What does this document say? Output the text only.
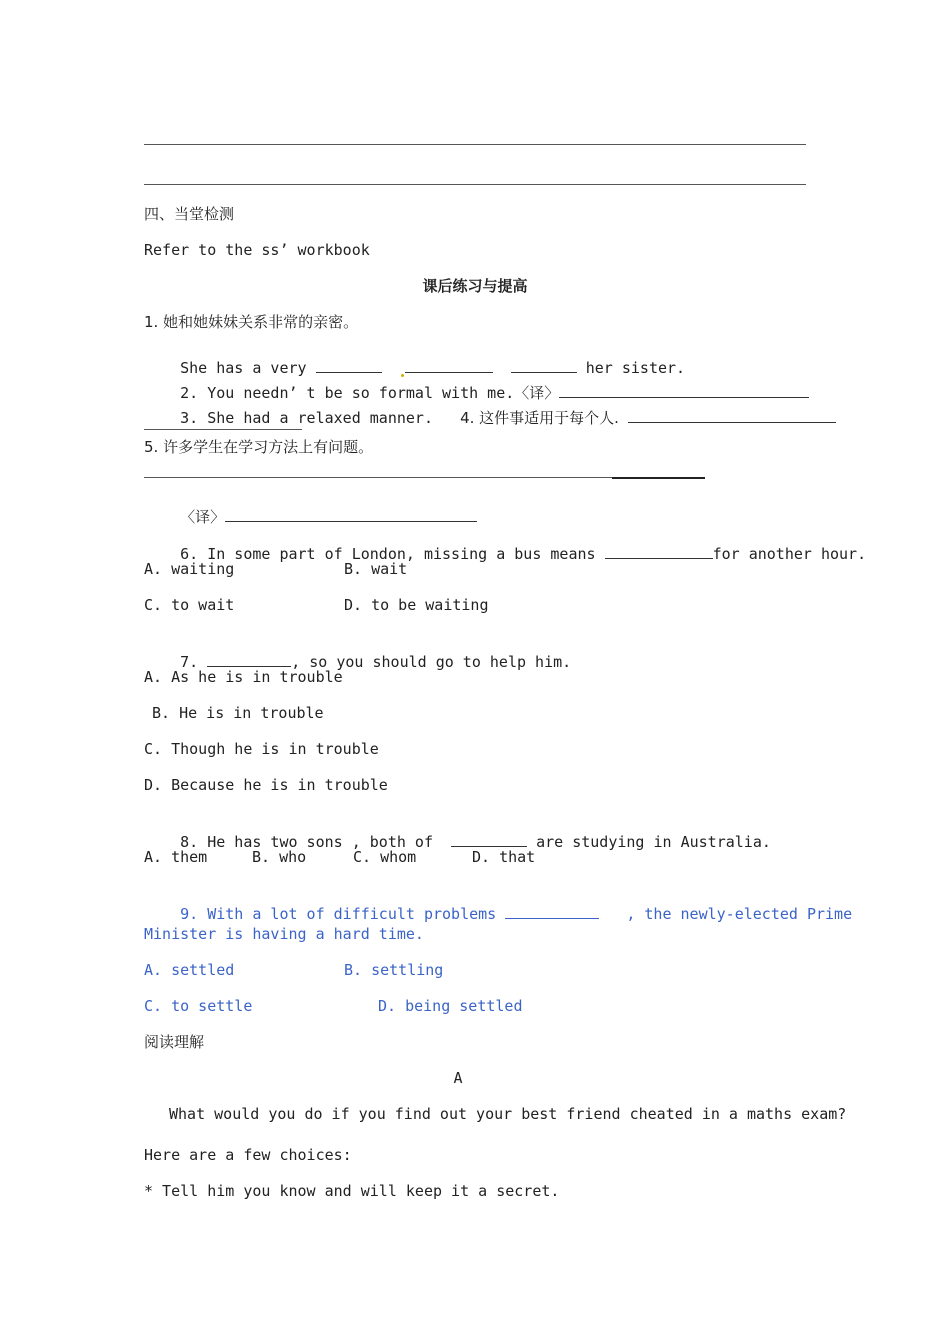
四、当堂检测
Refer to the ss’ workbook
课后练习与提高
1. 她和她妹妹关系非常的亲密。

She has a very	her sister.

2. You needn’ t be so formal with me.〈译〉

3. She had a relaxed manner. 4. 这件事适用于每个人.

5. 许多学生在学习方法上有问题。

〈译〉

6. In some part of London, missing a bus means	for another hour.

A. waiting	B. wait
C. to wait	D. to be waiting

7.	, so you should go to help him.

A. As he is in trouble
B. He is in trouble
C. Though he is in trouble
D. Because he is in trouble

8. He has two sons , both of	are studying in Australia.

A. them	B. who	C. whom	D. that

9. With a lot of difficult problems	, the newly-elected Prime

Minister is having a hard time.
A. settled	B. settling
C. to settle	D. being settled
阅读理解
A
What would you do if you find out your best friend cheated in a maths exam?
Here are a few choices:
* Tell him you know and will keep it a secret.
